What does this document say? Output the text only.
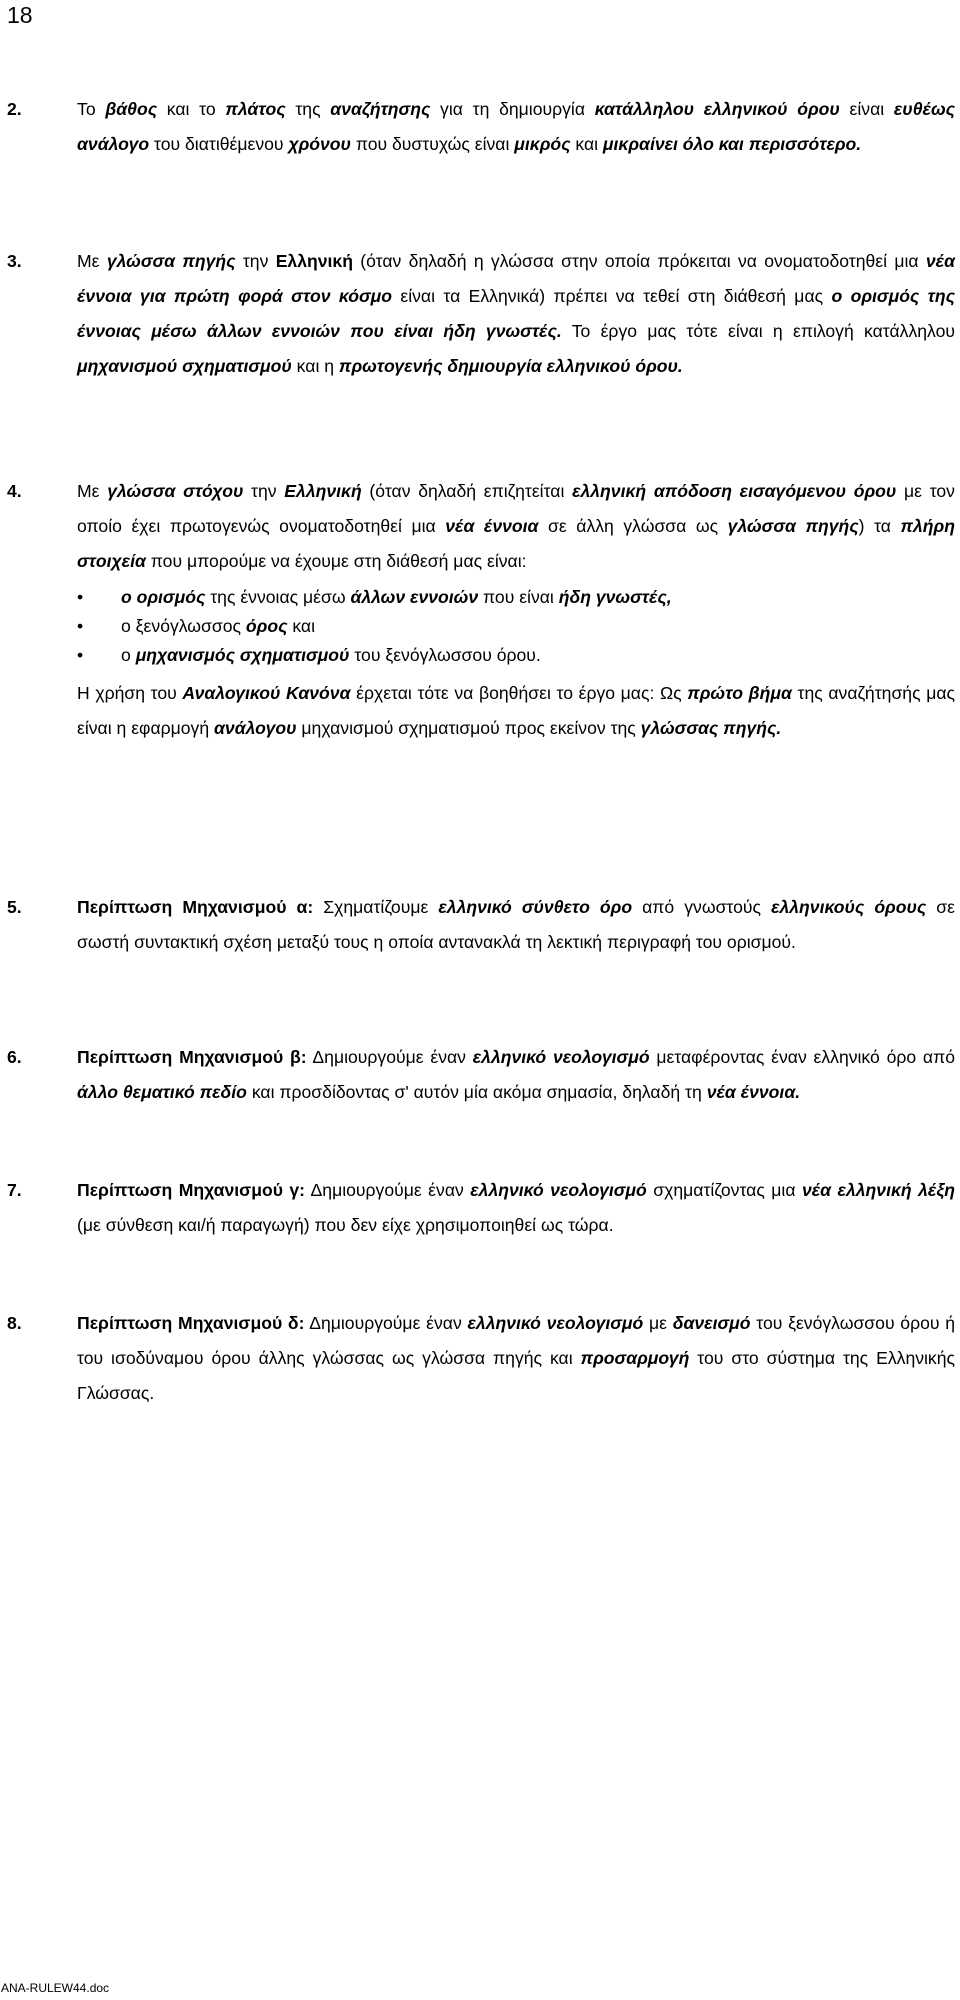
18
2.	Το βάθος και το πλάτος της αναζήτησης για τη δημιουργία κατάλληλου ελληνικού όρου είναι ευθέως ανάλογο του διατιθέμενου χρόνου που δυστυχώς είναι μικρός και μικραίνει όλο και περισσότερο.

3.	Με γλώσσα πηγής την Ελληνική (όταν δηλαδή η γλώσσα στην οποία πρόκειται να ονοματοδοτηθεί μια νέα έννοια για πρώτη φορά στον κόσμο είναι τα Ελληνικά) πρέπει να τεθεί στη διάθεσή μας ο ορισμός της έννοιας μέσω άλλων εννοιών που είναι ήδη γνωστές. Το έργο μας τότε είναι η επιλογή κατάλληλου μηχανισμού σχηματισμού και η πρωτογενής δημιουργία ελληνικού όρου.

4.	Με γλώσσα στόχου την Ελληνική (όταν δηλαδή επιζητείται ελληνική απόδοση εισαγόμενου όρου με τον οποίο έχει πρωτογενώς ονοματοδοτηθεί μια νέα έννοια σε άλλη γλώσσα ως γλώσσα πηγής) τα πλήρη στοιχεία που μπορούμε να έχουμε στη διάθεσή μας είναι:

• ο ορισμός της έννοιας μέσω άλλων εννοιών που είναι ήδη γνωστές,
• ο ξενόγλωσσος όρος και
• ο μηχανισμός σχηματισμού του ξενόγλωσσου όρου.

Η χρήση του Αναλογικού Κανόνα έρχεται τότε να βοηθήσει το έργο μας: Ως πρώτο βήμα της αναζήτησής μας είναι η εφαρμογή ανάλογου μηχανισμού σχηματισμού προς εκείνον της γλώσσας πηγής.

5.	Περίπτωση Μηχανισμού α: Σχηματίζουμε ελληνικό σύνθετο όρο από γνωστούς ελληνικούς όρους σε σωστή συντακτική σχέση μεταξύ τους η οποία αντανακλά τη λεκτική περιγραφή του ορισμού.

6.	Περίπτωση Μηχανισμού β: Δημιουργούμε έναν ελληνικό νεολογισμό μεταφέροντας έναν ελληνικό όρο από άλλο θεματικό πεδίο και προσδίδοντας σ' αυτόν μία ακόμα σημασία, δηλαδή τη νέα έννοια.

7.	Περίπτωση Μηχανισμού γ: Δημιουργούμε έναν ελληνικό νεολογισμό σχηματίζοντας μια νέα ελληνική λέξη (με σύνθεση και/ή παραγωγή) που δεν είχε χρησιμοποιηθεί ως τώρα.

8.	Περίπτωση Μηχανισμού δ: Δημιουργούμε έναν ελληνικό νεολογισμό με δανεισμό του ξενόγλωσσου όρου ή του ισοδύναμου όρου άλλης γλώσσας ως γλώσσα πηγής και προσαρμογή του στο σύστημα της Ελληνικής Γλώσσας.

ANA-RULEW44.doc
